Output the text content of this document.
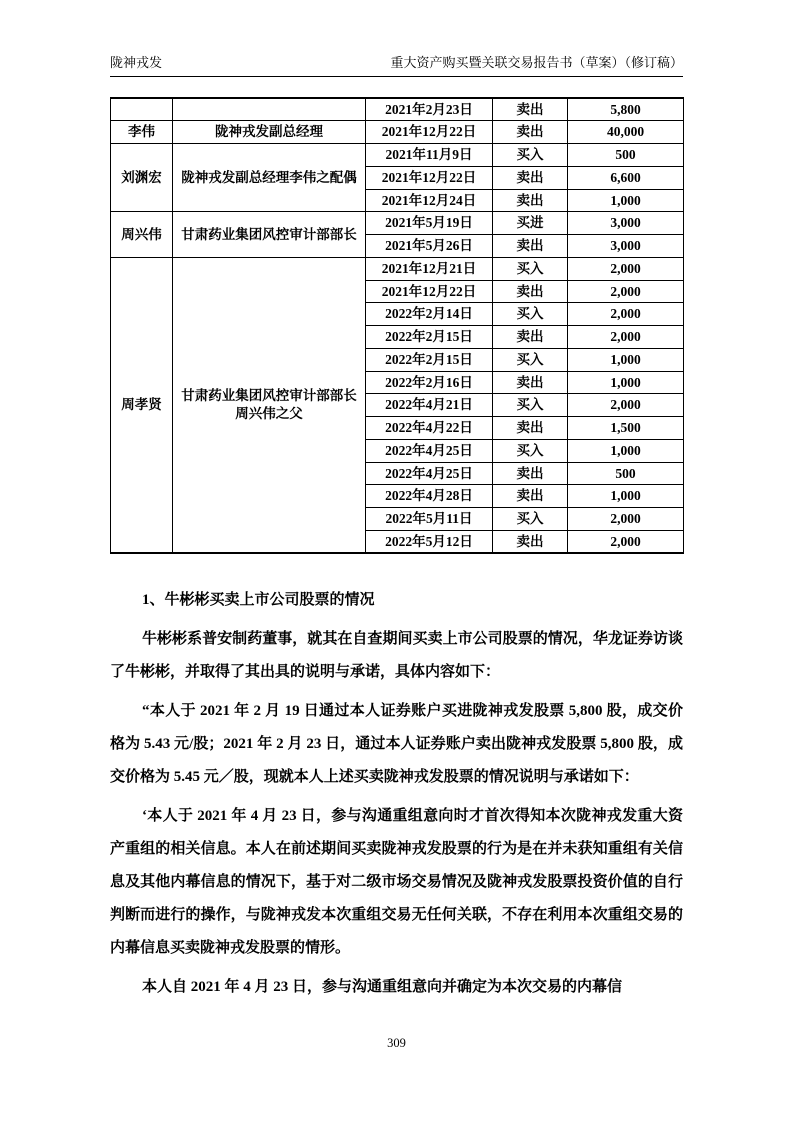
陇神戎发	重大资产购买暨关联交易报告书（草案）（修订稿）
		2021年2月23日	卖出	5,800
李伟	陇神戎发副总经理	2021年12月22日	卖出	40,000
刘渊宏	陇神戎发副总经理李伟之配偶	2021年11月9日	买入	500
		2021年12月22日	卖出	6,600
		2021年12月24日	卖出	1,000
周兴伟	甘肃药业集团风控审计部部长	2021年5月19日	买进	3,000
		2021年5月26日	卖出	3,000
周孝贤	甘肃药业集团风控审计部部长周兴伟之父	2021年12月21日	买入	2,000
		2021年12月22日	卖出	2,000
		2022年2月14日	买入	2,000
		2022年2月15日	卖出	2,000
		2022年2月15日	买入	1,000
		2022年2月16日	卖出	1,000
		2022年4月21日	买入	2,000
		2022年4月22日	卖出	1,500
		2022年4月25日	买入	1,000
		2022年4月25日	卖出	500
		2022年4月28日	卖出	1,000
		2022年5月11日	买入	2,000
		2022年5月12日	卖出	2,000

1、牛彬彬买卖上市公司股票的情况

牛彬彬系普安制药董事，就其在自查期间买卖上市公司股票的情况，华龙证券访谈了牛彬彬，并取得了其出具的说明与承诺，具体内容如下：

“本人于 2021 年 2 月 19 日通过本人证券账户买进陇神戎发股票 5,800 股，成交价格为 5.43 元/股；2021 年 2 月 23 日，通过本人证券账户卖出陇神戎发股票 5,800 股，成交价格为 5.45 元／股，现就本人上述买卖陇神戎发股票的情况说明与承诺如下：

‘本人于 2021 年 4 月 23 日，参与沟通重组意向时才首次得知本次陇神戎发重大资产重组的相关信息。本人在前述期间买卖陇神戎发股票的行为是在并未获知重组有关信息及其他内幕信息的情况下，基于对二级市场交易情况及陇神戎发股票投资价值的自行判断而进行的操作，与陇神戎发本次重组交易无任何关联，不存在利用本次重组交易的内幕信息买卖陇神戎发股票的情形。

本人自 2021 年 4 月 23 日，参与沟通重组意向并确定为本次交易的内幕信

309
